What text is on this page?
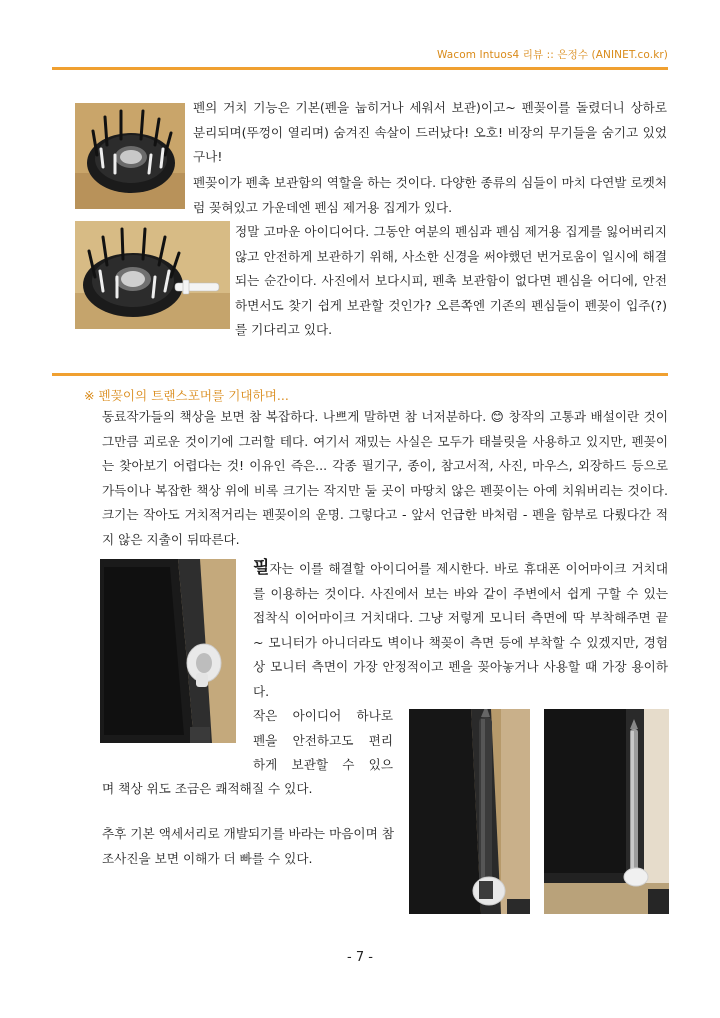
Wacom Intuos4 리뷰 :: 은정수 (ANINET.co.kr)

펜의 거치 기능은 기본(펜을 눕히거나 세워서 보관)이고~ 펜꽂이를 돌렸더니 상하로 분리되며(뚜껑이 열리며) 숨겨진 속살이 드러났다! 오호! 비장의 무기들을 숨기고 있었구나!

펜꽂이가 펜촉 보관함의 역할을 하는 것이다. 다양한 종류의 심들이 마치 다연발 로켓처럼 꽂혀있고 가운데엔 펜심 제거용 집게가 있다.

정말 고마운 아이디어다. 그동안 여분의 펜심과 펜심 제거용 집게를 잃어버리지 않고 안전하게 보관하기 위해, 사소한 신경을 써야했던 번거로움이 일시에 해결되는 순간이다. 사진에서 보다시피, 펜촉 보관함이 없다면 펜심을 어디에, 안전하면서도 찾기 쉽게 보관할 것인가? 오른쪽엔 기존의 펜심들이 펜꽂이 입주(?)를 기다리고 있다.

※ 펜꽂이의 트랜스포머를 기대하며...

동료작가들의 책상을 보면 참 복잡하다. 나쁘게 말하면 참 너저분하다. 😊 창작의 고통과 배설이란 것이 그만큼 괴로운 것이기에 그러할 테다. 여기서 재밌는 사실은 모두가 태블릿을 사용하고 있지만, 펜꽂이는 찾아보기 어렵다는 것! 이유인 즉은... 각종 필기구, 종이, 참고서적, 사진, 마우스, 외장하드 등으로 가득이나 복잡한 책상 위에 비록 크기는 작지만 둘 곳이 마땅치 않은 펜꽂이는 아예 치워버리는 것이다. 크기는 작아도 거치적거리는 펜꽂이의 운명. 그렇다고 - 앞서 언급한 바처럼 - 펜을 함부로 다뤘다간 적지 않은 지출이 뒤따른다.

필자는 이를 해결할 아이디어를 제시한다. 바로 휴대폰 이어마이크 거치대를 이용하는 것이다. 사진에서 보는 바와 같이 주변에서 쉽게 구할 수 있는 접착식 이어마이크 거치대다. 그냥 저렇게 모니터 측면에 딱 부착해주면 끝~ 모니터가 아니더라도 벽이나 책꽂이 측면 등에 부착할 수 있겠지만, 경험상 모니터 측면이 가장 안정적이고 펜을 꽂아놓거나 사용할 때 가장 용이하다.

작은 아이디어 하나로

펜을 안전하고도 편리

하게 보관할 수 있으

며 책상 위도 조금은 쾌적해질 수 있다.

추후 기본 액세서리로 개발되기를 바라는 마음이며 참조사진을 보면 이해가 더 빠를 수 있다.

- 7 -
